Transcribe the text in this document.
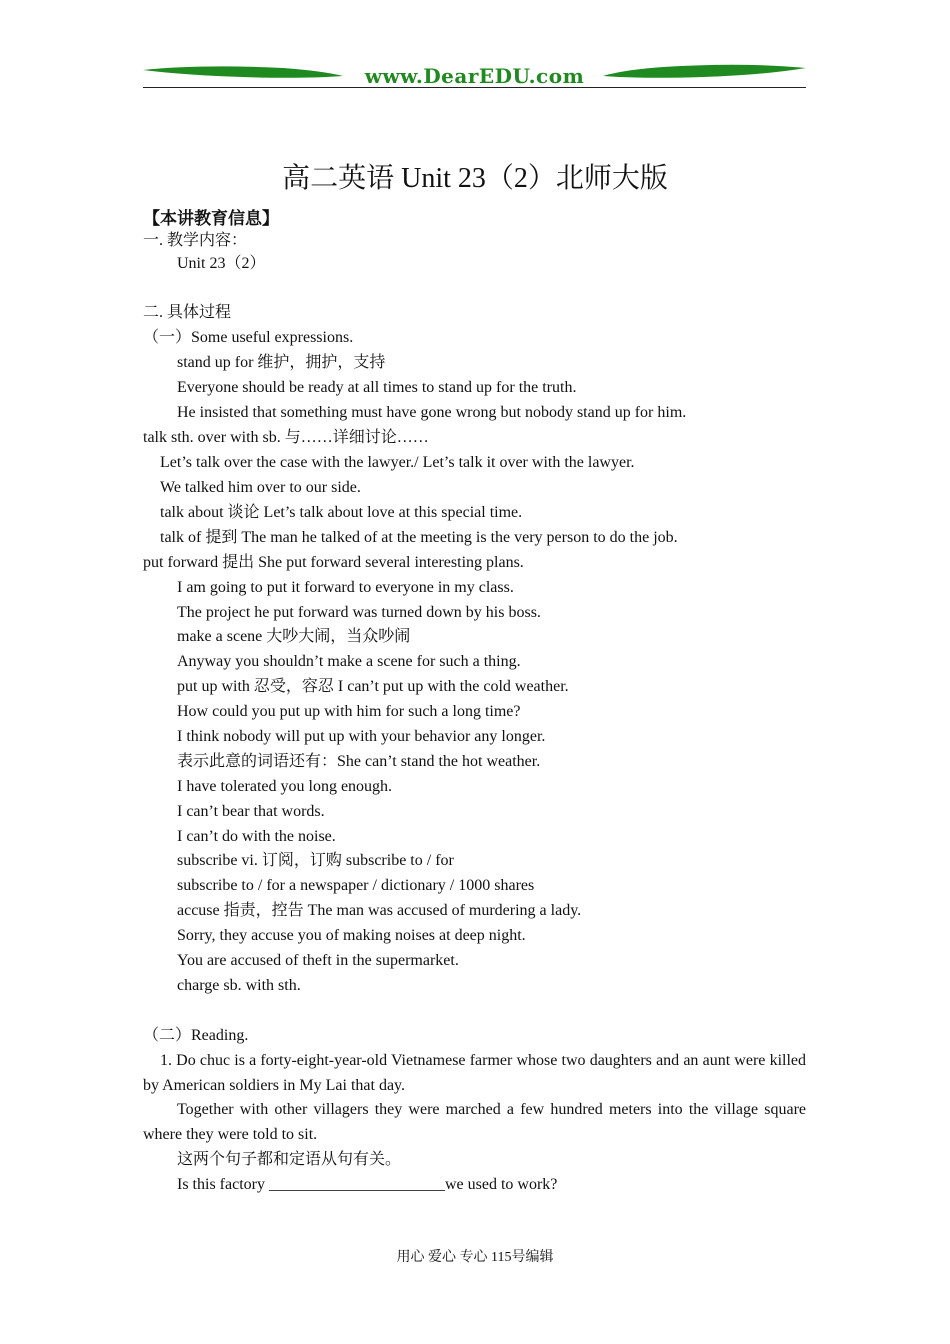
www.DearEDU.com
高二英语 Unit 23（2）北师大版
【本讲教育信息】
一. 教学内容：
Unit 23（2）
二. 具体过程
（一）Some useful expressions.
stand up for 维护，拥护，支持
Everyone should be ready at all times to stand up for the truth.
He insisted that something must have gone wrong but nobody stand up for him.
talk sth. over with sb. 与……详细讨论……
Let’s talk over the case with the lawyer./ Let’s talk it over with the lawyer.
We talked him over to our side.
talk about 谈论 Let’s talk about love at this special time.
talk of 提到 The man he talked of at the meeting is the very person to do the job.
put forward 提出 She put forward several interesting plans.
I am going to put it forward to everyone in my class.
The project he put forward was turned down by his boss.
make a scene 大吵大闹，当众吵闹
Anyway you shouldn’t make a scene for such a thing.
put up with 忍受，容忍 I can’t put up with the cold weather.
How could you put up with him for such a long time?
I think nobody will put up with your behavior any longer.
表示此意的词语还有：She can’t stand the hot weather.
I have tolerated you long enough.
I can’t bear that words.
I can’t do with the noise.
subscribe vi. 订阅，订购 subscribe to / for
subscribe to / for a newspaper / dictionary / 1000 shares
accuse 指责，控告 The man was accused of murdering a lady.
Sorry, they accuse you of making noises at deep night.
You are accused of theft in the supermarket.
charge sb. with sth.
（二）Reading.
1. Do chuc is a forty-eight-year-old Vietnamese farmer whose two daughters and an aunt were killed by American soldiers in My Lai that day.
Together with other villagers they were marched a few hundred meters into the village square where they were told to sit.
这两个句子都和定语从句有关。
Is this factory ______________________we used to work?
用心 爱心 专心 115号编辑
